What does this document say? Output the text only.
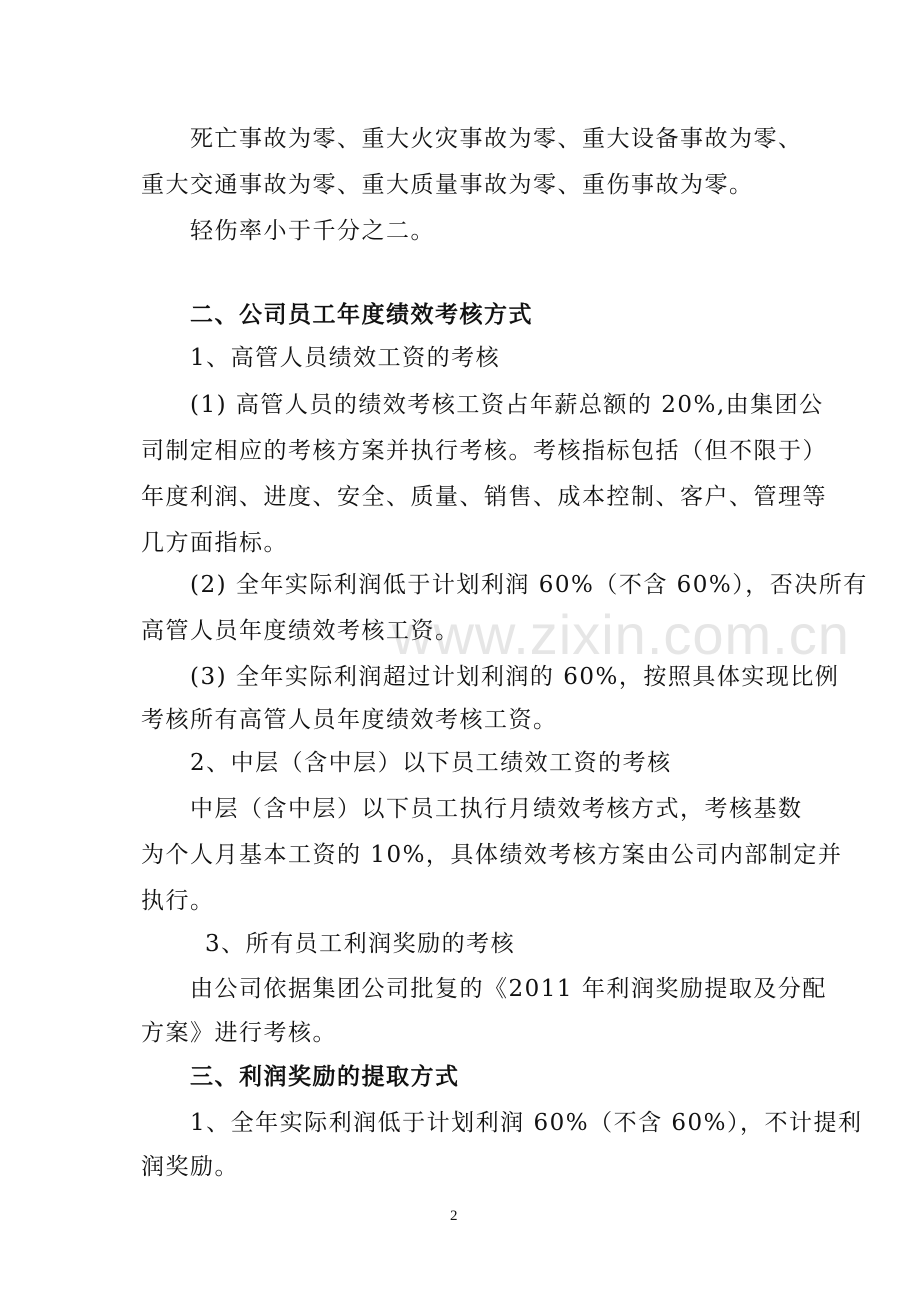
www.zixin.com.cn
死亡事故为零、重大火灾事故为零、重大设备事故为零、
重大交通事故为零、重大质量事故为零、重伤事故为零。
轻伤率小于千分之二。
二、公司员工年度绩效考核方式
1、高管人员绩效工资的考核
(1) 高管人员的绩效考核工资占年薪总额的 20%,由集团公
司制定相应的考核方案并执行考核。考核指标包括（但不限于）
年度利润、进度、安全、质量、销售、成本控制、客户、管理等
几方面指标。
(2) 全年实际利润低于计划利润 60%（不含 60%），否决所有
高管人员年度绩效考核工资。
(3) 全年实际利润超过计划利润的 60%，按照具体实现比例
考核所有高管人员年度绩效考核工资。
2、中层（含中层）以下员工绩效工资的考核
中层（含中层）以下员工执行月绩效考核方式，考核基数
为个人月基本工资的 10%，具体绩效考核方案由公司内部制定并
执行。
3、所有员工利润奖励的考核
由公司依据集团公司批复的《2011 年利润奖励提取及分配
方案》进行考核。
三、利润奖励的提取方式
1、全年实际利润低于计划利润 60%（不含 60%），不计提利
润奖励。
2
